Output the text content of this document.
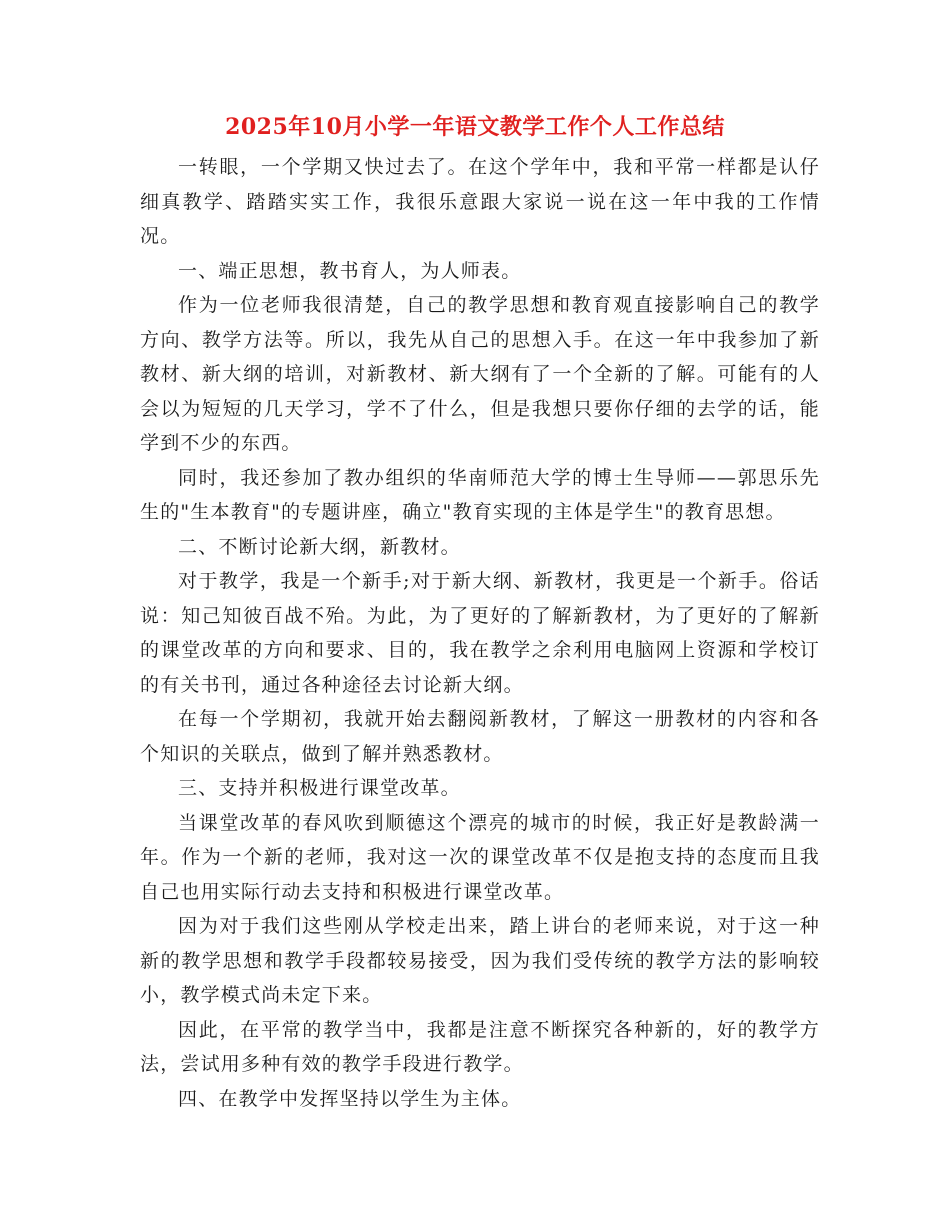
2025年10月小学一年语文教学工作个人工作总结

一转眼，一个学期又快过去了。在这个学年中，我和平常一样都是认仔细真教学、踏踏实实工作，我很乐意跟大家说一说在这一年中我的工作情况。

一、端正思想，教书育人，为人师表。

作为一位老师我很清楚，自己的教学思想和教育观直接影响自己的教学方向、教学方法等。所以，我先从自己的思想入手。在这一年中我参加了新教材、新大纲的培训，对新教材、新大纲有了一个全新的了解。可能有的人会以为短短的几天学习，学不了什么，但是我想只要你仔细的去学的话，能学到不少的东西。

同时，我还参加了教办组织的华南师范大学的博士生导师——郭思乐先生的"生本教育"的专题讲座，确立"教育实现的主体是学生"的教育思想。

二、不断讨论新大纲，新教材。

对于教学，我是一个新手;对于新大纲、新教材，我更是一个新手。俗话说：知己知彼百战不殆。为此，为了更好的了解新教材，为了更好的了解新的课堂改革的方向和要求、目的，我在教学之余利用电脑网上资源和学校订的有关书刊，通过各种途径去讨论新大纲。

在每一个学期初，我就开始去翻阅新教材，了解这一册教材的内容和各个知识的关联点，做到了解并熟悉教材。

三、支持并积极进行课堂改革。

当课堂改革的春风吹到顺德这个漂亮的城市的时候，我正好是教龄满一年。作为一个新的老师，我对这一次的课堂改革不仅是抱支持的态度而且我自己也用实际行动去支持和积极进行课堂改革。

因为对于我们这些刚从学校走出来，踏上讲台的老师来说，对于这一种新的教学思想和教学手段都较易接受，因为我们受传统的教学方法的影响较小，教学模式尚未定下来。

因此，在平常的教学当中，我都是注意不断探究各种新的，好的教学方法，尝试用多种有效的教学手段进行教学。

四、在教学中发挥坚持以学生为主体。
